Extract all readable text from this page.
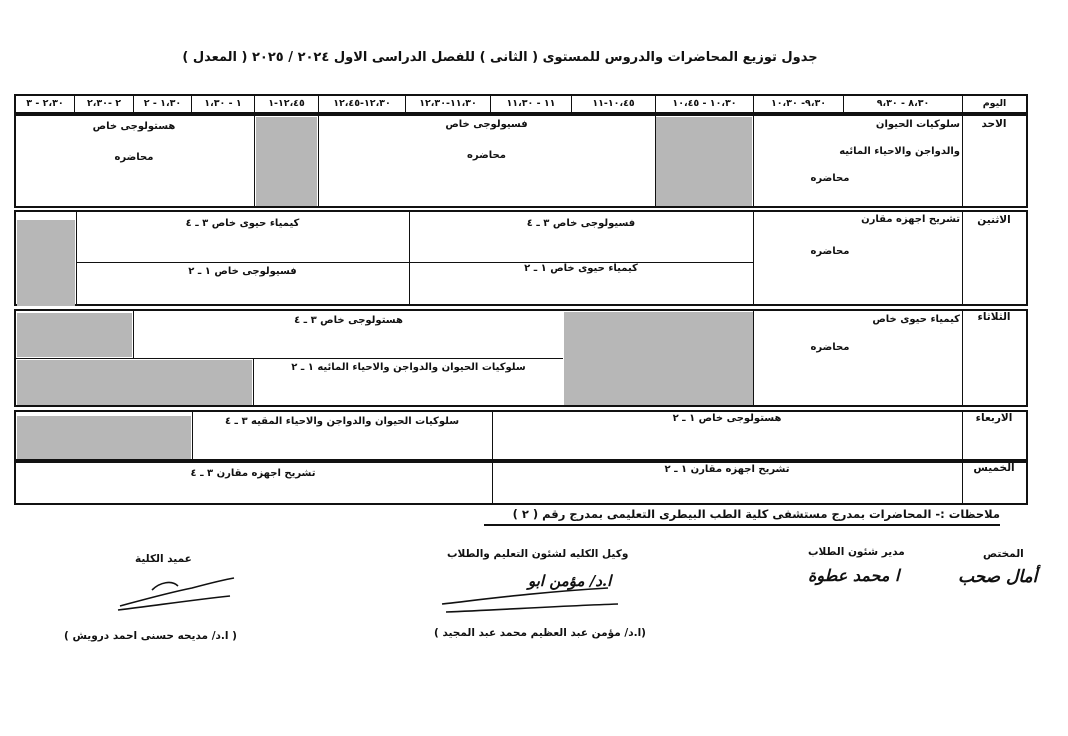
جدول توزيع المحاضرات والدروس للمستوى ( الثانى ) للفصل الدراسى الاول ٢٠٢٤ / ٢٠٢٥ ( المعدل )
اليوم
٨،٣٠ - ٩،٣٠
٩،٣٠- ١٠،٣٠
١٠،٣٠ - ١٠،٤٥
١٠،٤٥-١١
١١ - ١١،٣٠
١١،٣٠-١٢،٣٠
١٢،٣٠-١٢،٤٥
١٢،٤٥-١
١ - ١،٣٠
١،٣٠ - ٢
٢ -٢،٣٠
٢،٣٠ - ٣
الاحد
سلوكيات الحيوان
والدواجن والاحياء المائيه
محاضره
فسيولوجى خاص
محاضره
هستولوجى خاص
محاضره
الاثنين
تشريح اجهزه مقارن
محاضره
فسيولوجى خاص ٣ ـ ٤
كيمياء حيوى خاص ٣ ـ ٤
كيمياء حيوى خاص ١ ـ ٢
فسيولوجى خاص ١ ـ ٢
الثلاثاء
كيمياء حيوى خاص
محاضره
هستولوجى خاص ٣ ـ ٤
سلوكيات الحيوان والدواجن والاحياء المائيه ١ ـ ٢
الاربعاء
هستولوجى خاص ١ ـ ٢
سلوكيات الحيوان والدواجن والاحياء المقيه ٣ ـ ٤
الخميس
تشريح اجهزه مقارن ١ ـ ٢
تشريح اجهزه مقارن ٣ ـ ٤
ملاحظات :- المحاضرات بمدرج مستشفى كلية الطب البيطرى التعليمى بمدرج رقم ( ٢ )
المختص
أمال صحب
مدير شئون الطلاب
ا محمد عطوة
وكيل الكليه لشئون التعليم والطلاب
ا.د/ مؤمن ابو
(ا.د/ مؤمن عبد العظيم محمد عبد المجيد )
عميد الكلية
( ا.د/ مديحه حسنى احمد درويش )
